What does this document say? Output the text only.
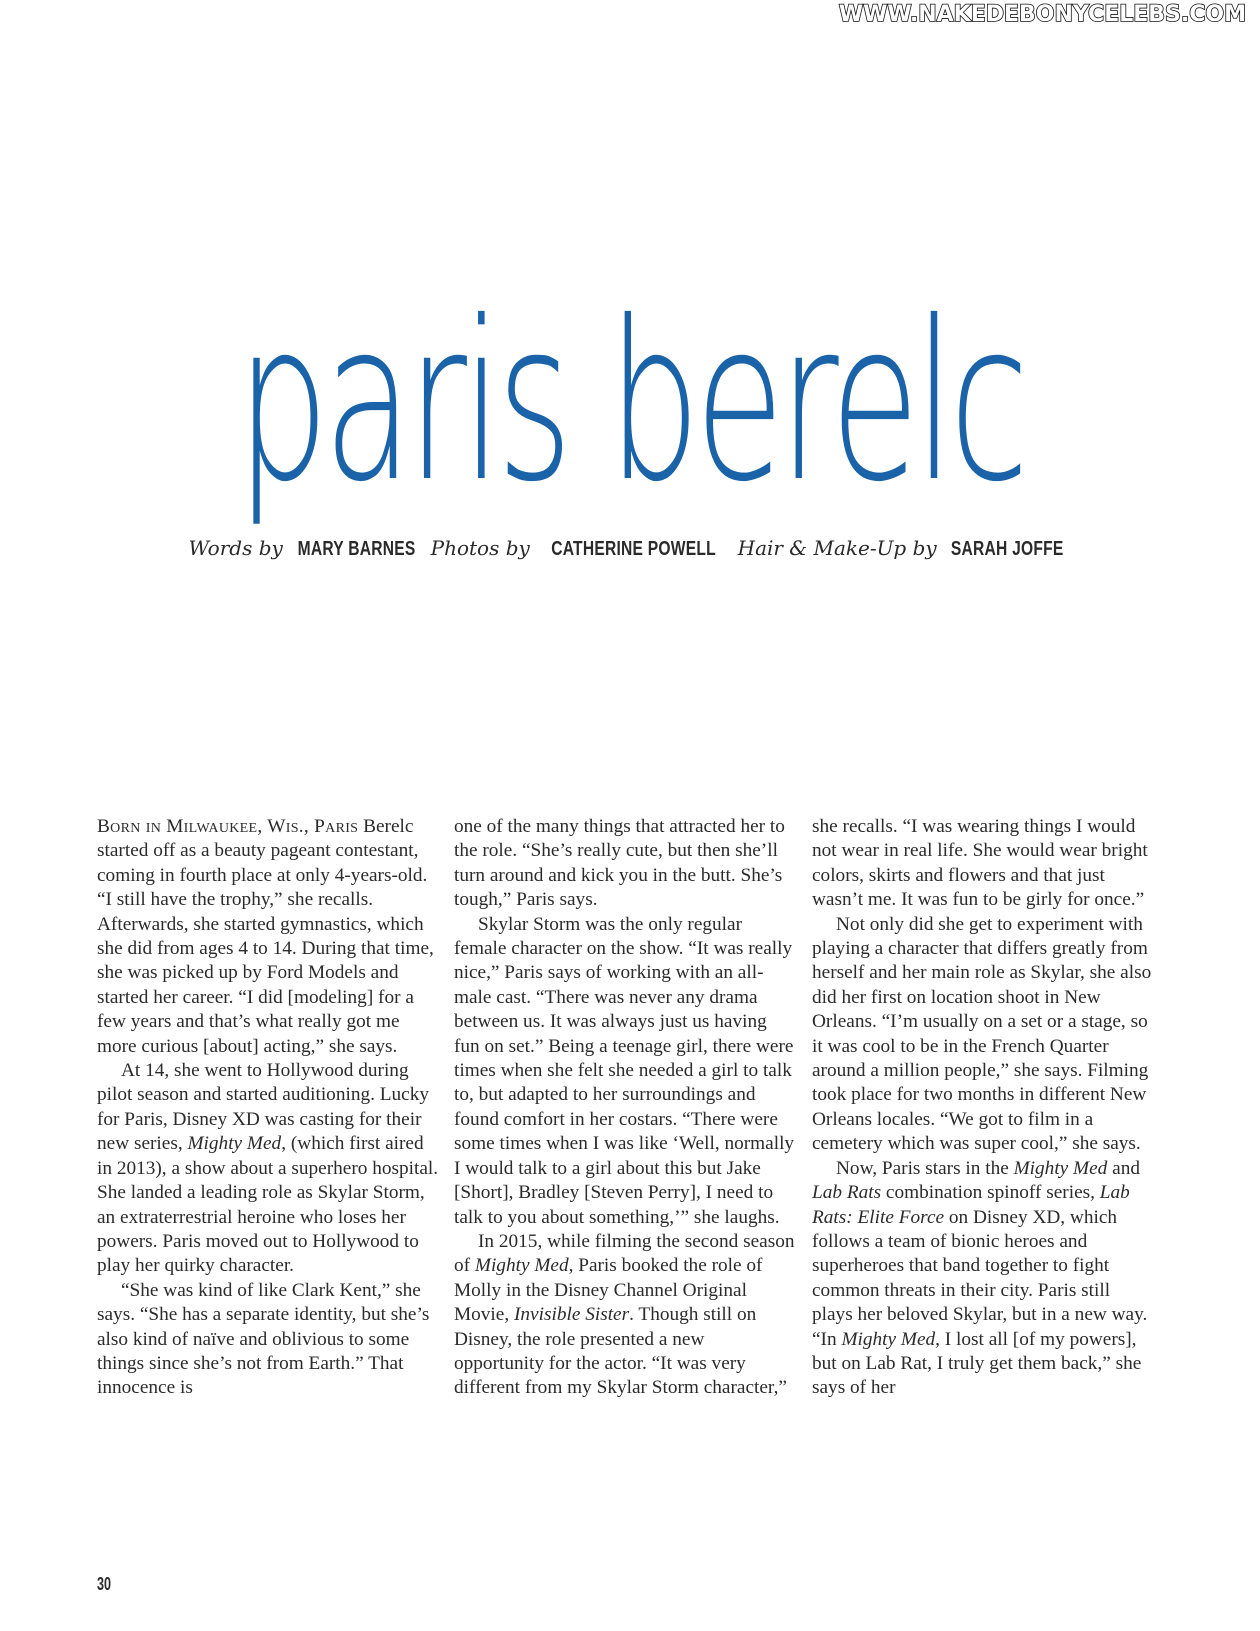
WWW.NAKEDEBONYCELEBS.COM
paris berelc
Words by MARY BARNES Photos by CATHERINE POWELL Hair & Make-Up by SARAH JOFFE

Born in Milwaukee, Wis., Paris Berelc started off as a beauty pageant contestant, coming in fourth place at only 4-years-old. “I still have the trophy,” she recalls. Afterwards, she started gymnastics, which she did from ages 4 to 14. During that time, she was picked up by Ford Models and started her career. “I did [modeling] for a few years and that’s what really got me more curious [about] acting,” she says.

At 14, she went to Hollywood during pilot season and started auditioning. Lucky for Paris, Disney XD was casting for their new series, Mighty Med, (which first aired in 2013), a show about a superhero hospital. She landed a leading role as Skylar Storm, an extraterrestrial heroine who loses her powers. Paris moved out to Hollywood to play her quirky character.

“She was kind of like Clark Kent,” she says. “She has a separate identity, but she’s also kind of naïve and oblivious to some things since she’s not from Earth.” That innocence is

one of the many things that attracted her to the role. “She’s really cute, but then she’ll turn around and kick you in the butt. She’s tough,” Paris says.

Skylar Storm was the only regular female character on the show. “It was really nice,” Paris says of working with an all-male cast. “There was never any drama between us. It was always just us having fun on set.” Being a teenage girl, there were times when she felt she needed a girl to talk to, but adapted to her surroundings and found comfort in her costars. “There were some times when I was like ‘Well, normally I would talk to a girl about this but Jake [Short], Bradley [Steven Perry], I need to talk to you about something,’” she laughs.

In 2015, while filming the second season of Mighty Med, Paris booked the role of Molly in the Disney Channel Original Movie, Invisible Sister. Though still on Disney, the role presented a new opportunity for the actor. “It was very different from my Skylar Storm character,”

she recalls. “I was wearing things I would not wear in real life. She would wear bright colors, skirts and flowers and that just wasn’t me. It was fun to be girly for once.”

Not only did she get to experiment with playing a character that differs greatly from herself and her main role as Skylar, she also did her first on location shoot in New Orleans. “I’m usually on a set or a stage, so it was cool to be in the French Quarter around a million people,” she says. Filming took place for two months in different New Orleans locales. “We got to film in a cemetery which was super cool,” she says.

Now, Paris stars in the Mighty Med and Lab Rats combination spinoff series, Lab Rats: Elite Force on Disney XD, which follows a team of bionic heroes and superheroes that band together to fight common threats in their city. Paris still plays her beloved Skylar, but in a new way. “In Mighty Med, I lost all [of my powers], but on Lab Rat, I truly get them back,” she says of her

30
